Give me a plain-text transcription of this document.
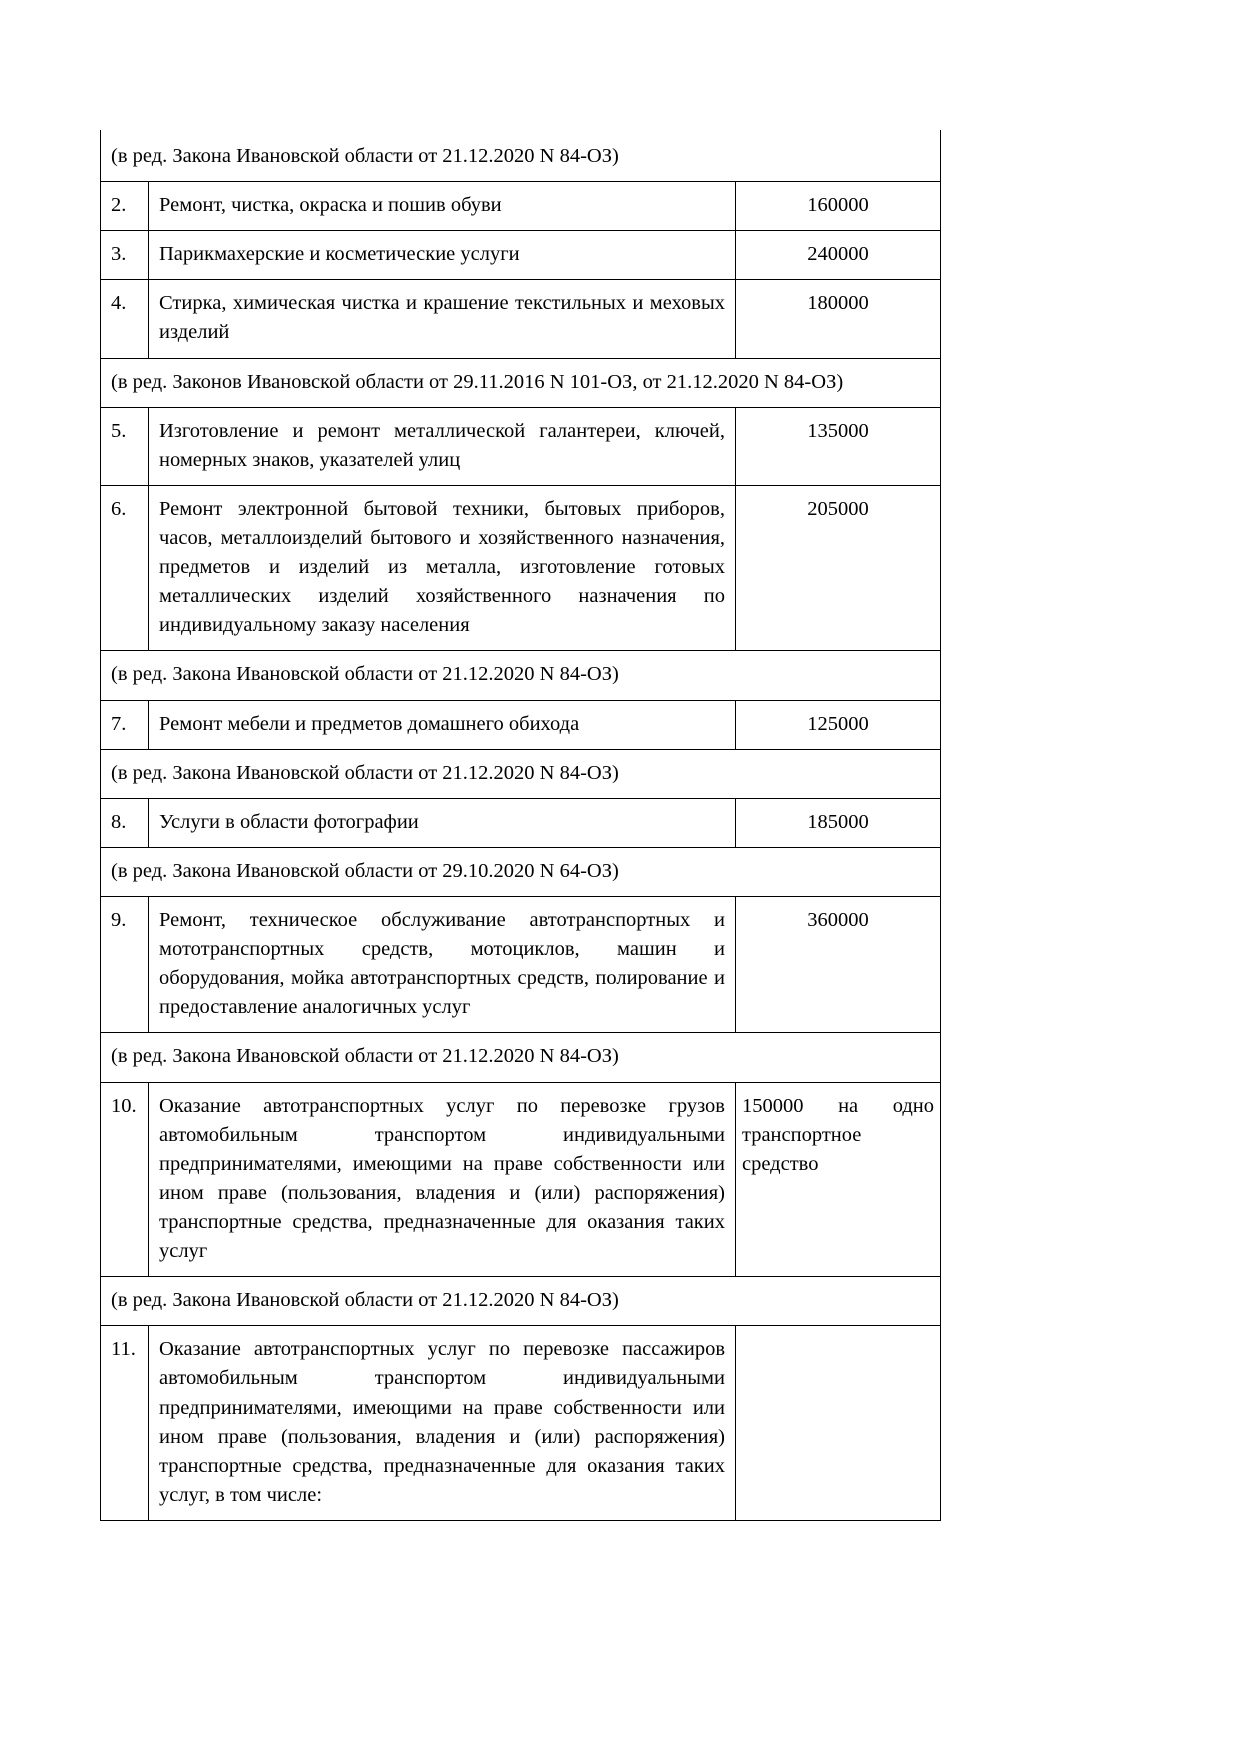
(в ред. Закона Ивановской области от 21.12.2020 N 84-ОЗ)		
2.	Ремонт, чистка, окраска и пошив обуви	160000
3.	Парикмахерские и косметические услуги	240000
4.	Стирка, химическая чистка и крашение текстильных и меховых изделий	180000
(в ред. Законов Ивановской области от 29.11.2016 N 101-ОЗ, от 21.12.2020 N 84-ОЗ)		
5.	Изготовление и ремонт металлической галантереи, ключей, номерных знаков, указателей улиц	135000
6.	Ремонт электронной бытовой техники, бытовых приборов, часов, металлоизделий бытового и хозяйственного назначения, предметов и изделий из металла, изготовление готовых металлических изделий хозяйственного назначения по индивидуальному заказу населения	205000
(в ред. Закона Ивановской области от 21.12.2020 N 84-ОЗ)		
7.	Ремонт мебели и предметов домашнего обихода	125000
(в ред. Закона Ивановской области от 21.12.2020 N 84-ОЗ)		
8.	Услуги в области фотографии	185000
(в ред. Закона Ивановской области от 29.10.2020 N 64-ОЗ)		
9.	Ремонт, техническое обслуживание автотранспортных и мототранспортных средств, мотоциклов, машин и оборудования, мойка автотранспортных средств, полирование и предоставление аналогичных услуг	360000
(в ред. Закона Ивановской области от 21.12.2020 N 84-ОЗ)		
10.	Оказание автотранспортных услуг по перевозке грузов автомобильным транспортом индивидуальными предпринимателями, имеющими на праве собственности или ином праве (пользования, владения и (или) распоряжения) транспортные средства, предназначенные для оказания таких услуг	150000 на одно транспортное средство
(в ред. Закона Ивановской области от 21.12.2020 N 84-ОЗ)		
11.	Оказание автотранспортных услуг по перевозке пассажиров автомобильным транспортом индивидуальными предпринимателями, имеющими на праве собственности или ином праве (пользования, владения и (или) распоряжения) транспортные средства, предназначенные для оказания таких услуг, в том числе:	
